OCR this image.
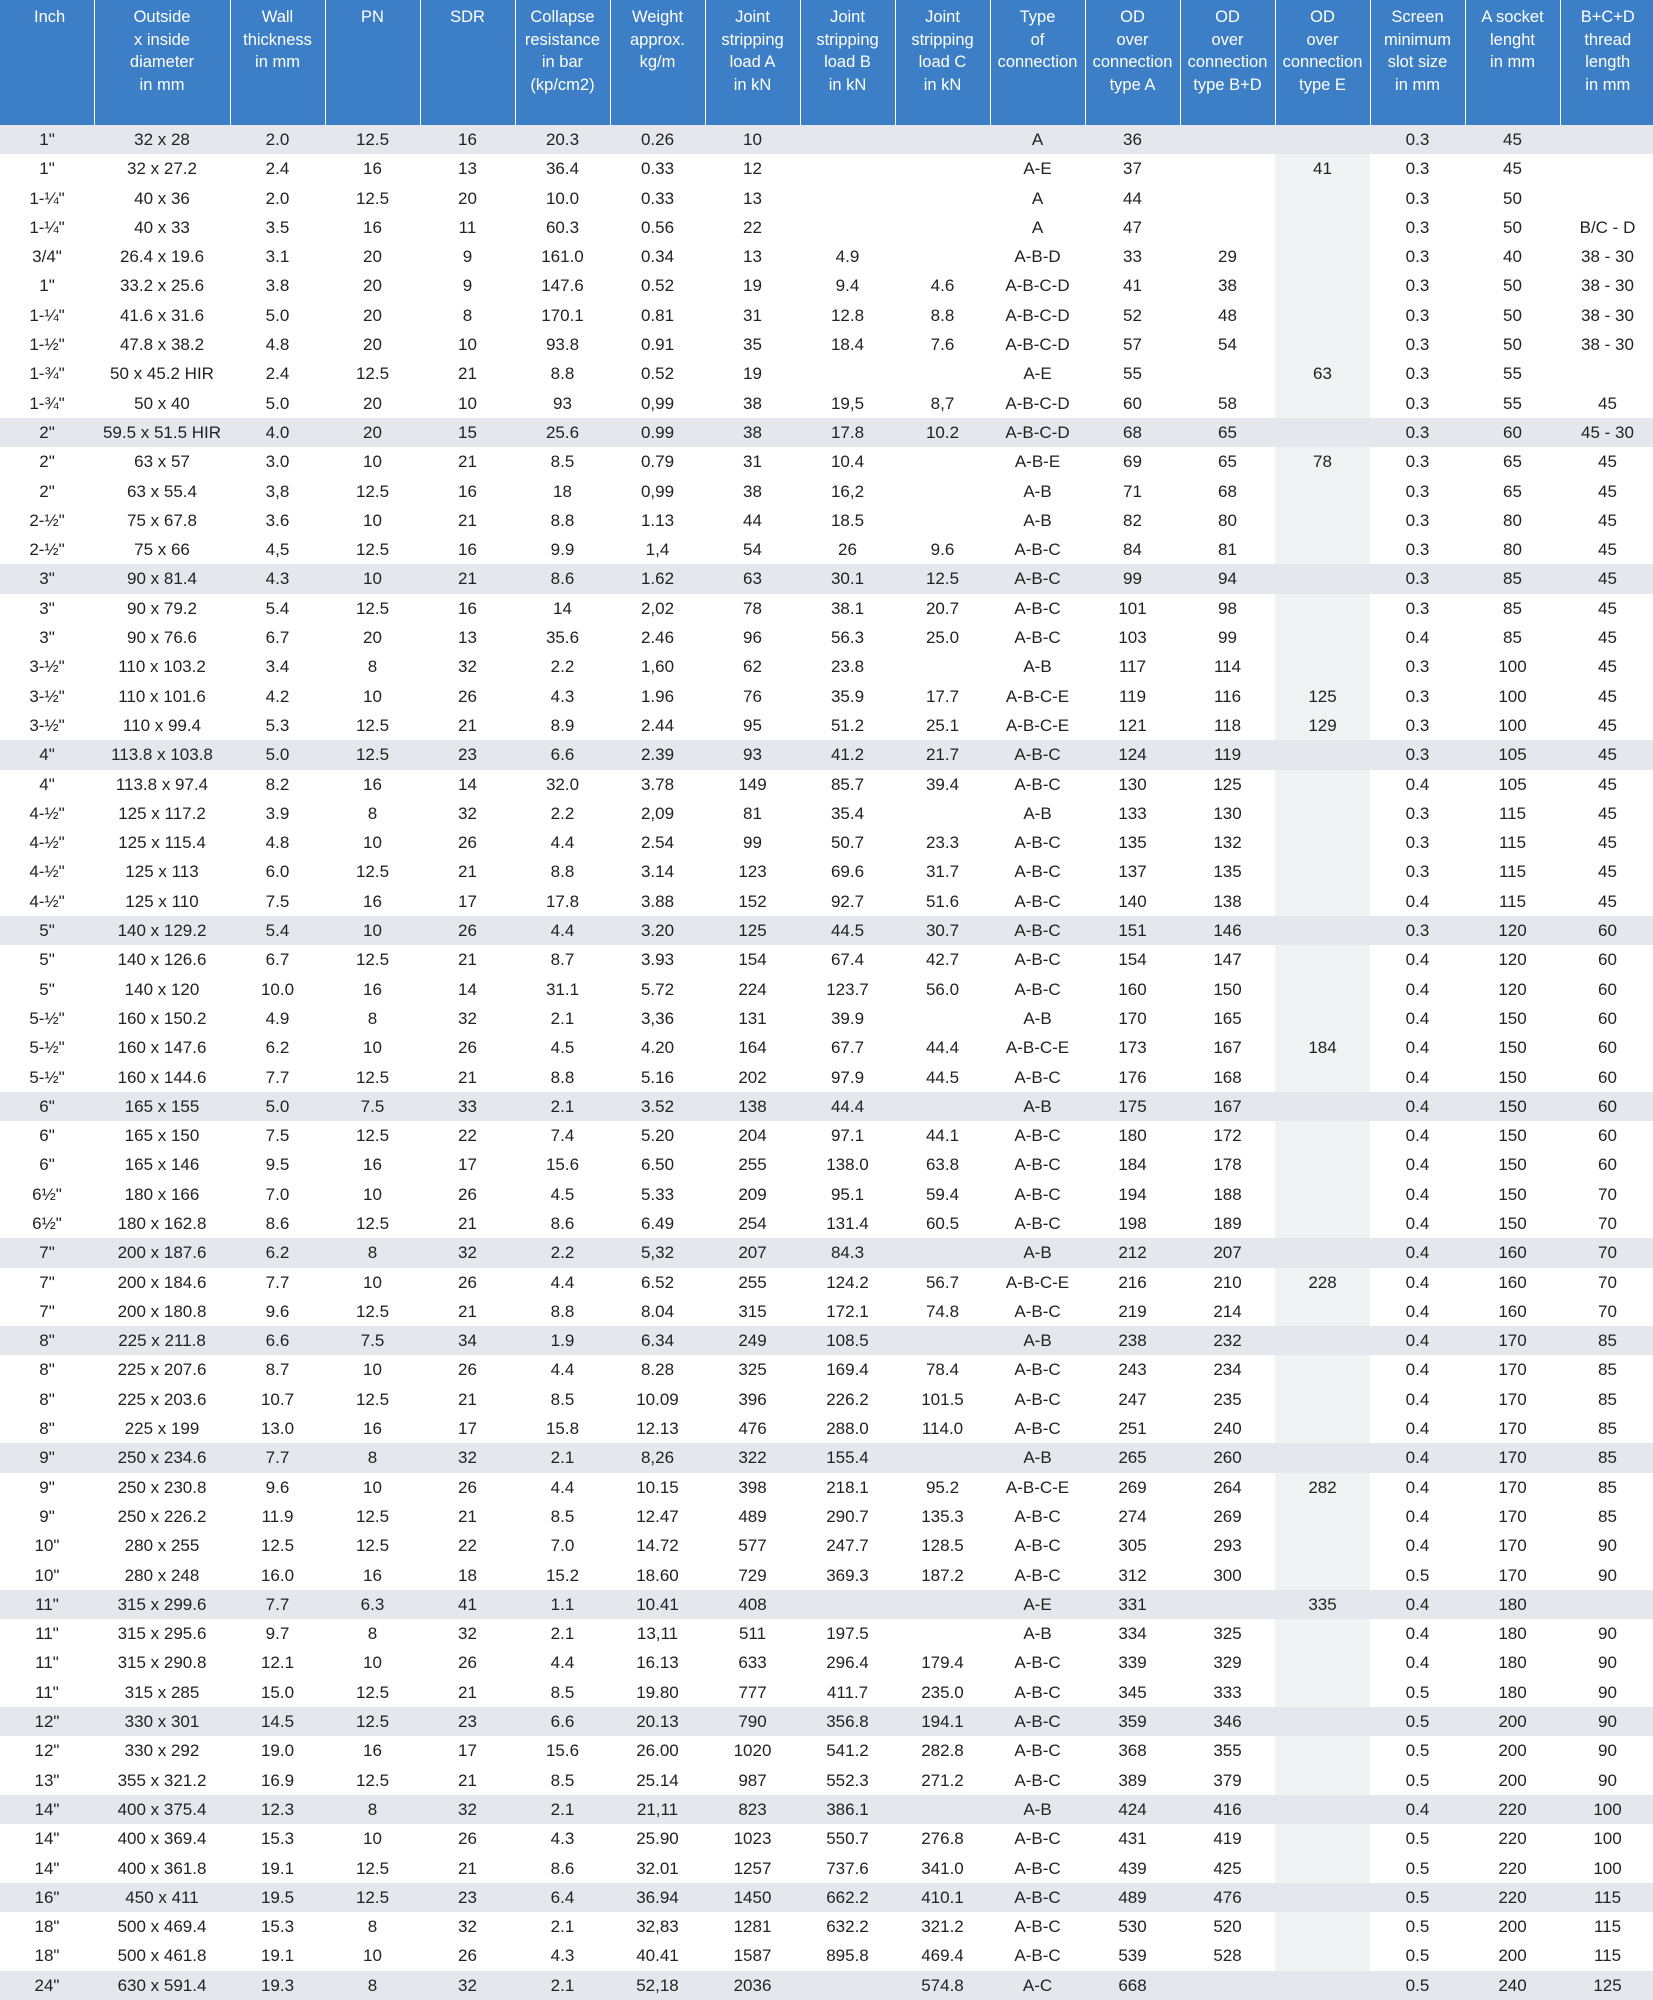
Inch	Outside
x inside
diameter
in mm	Wall
thickness
in mm	PN	SDR	Collapse
resistance
in bar
(kp/cm2)	Weight
approx.
kg/m	Joint
stripping
load A
in kN	Joint
stripping
load B
in kN	Joint
stripping
load C
in kN	Type
of
connection	OD
over
connection
type A	OD
over
connection
type B+D	OD
over
connection
type E	Screen
minimum
slot size
in mm	A socket
lenght
in mm	B+C+D
thread
length
in mm
1"	32 x 28	2.0	12.5	16	20.3	0.26	10			A	36			0.3	45	
1"	32 x 27.2	2.4	16	13	36.4	0.33	12			A-E	37		41	0.3	45	
1-¼"	40 x 36	2.0	12.5	20	10.0	0.33	13			A	44			0.3	50	
1-¼"	40 x 33	3.5	16	11	60.3	0.56	22			A	47			0.3	50	B/C - D
3/4"	26.4 x 19.6	3.1	20	9	161.0	0.34	13	4.9		A-B-D	33	29		0.3	40	38 - 30
1"	33.2 x 25.6	3.8	20	9	147.6	0.52	19	9.4	4.6	A-B-C-D	41	38		0.3	50	38 - 30
1-¼"	41.6 x 31.6	5.0	20	8	170.1	0.81	31	12.8	8.8	A-B-C-D	52	48		0.3	50	38 - 30
1-½"	47.8 x 38.2	4.8	20	10	93.8	0.91	35	18.4	7.6	A-B-C-D	57	54		0.3	50	38 - 30
1-¾"	50 x 45.2 HIR	2.4	12.5	21	8.8	0.52	19			A-E	55		63	0.3	55	
1-¾"	50 x 40	5.0	20	10	93	0,99	38	19,5	8,7	A-B-C-D	60	58		0.3	55	45
2"	59.5 x 51.5 HIR	4.0	20	15	25.6	0.99	38	17.8	10.2	A-B-C-D	68	65		0.3	60	45 - 30
2"	63 x 57	3.0	10	21	8.5	0.79	31	10.4		A-B-E	69	65	78	0.3	65	45
2"	63 x 55.4	3,8	12.5	16	18	0,99	38	16,2		A-B	71	68		0.3	65	45
2-½"	75 x 67.8	3.6	10	21	8.8	1.13	44	18.5		A-B	82	80		0.3	80	45
2-½"	75 x 66	4,5	12.5	16	9.9	1,4	54	26	9.6	A-B-C	84	81		0.3	80	45
3"	90 x 81.4	4.3	10	21	8.6	1.62	63	30.1	12.5	A-B-C	99	94		0.3	85	45
3"	90 x 79.2	5.4	12.5	16	14	2,02	78	38.1	20.7	A-B-C	101	98		0.3	85	45
3"	90 x 76.6	6.7	20	13	35.6	2.46	96	56.3	25.0	A-B-C	103	99		0.4	85	45
3-½"	110 x 103.2	3.4	8	32	2.2	1,60	62	23.8		A-B	117	114		0.3	100	45
3-½"	110 x 101.6	4.2	10	26	4.3	1.96	76	35.9	17.7	A-B-C-E	119	116	125	0.3	100	45
3-½"	110 x 99.4	5.3	12.5	21	8.9	2.44	95	51.2	25.1	A-B-C-E	121	118	129	0.3	100	45
4"	113.8 x 103.8	5.0	12.5	23	6.6	2.39	93	41.2	21.7	A-B-C	124	119		0.3	105	45
4"	113.8 x 97.4	8.2	16	14	32.0	3.78	149	85.7	39.4	A-B-C	130	125		0.4	105	45
4-½"	125 x 117.2	3.9	8	32	2.2	2,09	81	35.4		A-B	133	130		0.3	115	45
4-½"	125 x 115.4	4.8	10	26	4.4	2.54	99	50.7	23.3	A-B-C	135	132		0.3	115	45
4-½"	125 x 113	6.0	12.5	21	8.8	3.14	123	69.6	31.7	A-B-C	137	135		0.3	115	45
4-½"	125 x 110	7.5	16	17	17.8	3.88	152	92.7	51.6	A-B-C	140	138		0.4	115	45
5"	140 x 129.2	5.4	10	26	4.4	3.20	125	44.5	30.7	A-B-C	151	146		0.3	120	60
5"	140 x 126.6	6.7	12.5	21	8.7	3.93	154	67.4	42.7	A-B-C	154	147		0.4	120	60
5"	140 x 120	10.0	16	14	31.1	5.72	224	123.7	56.0	A-B-C	160	150		0.4	120	60
5-½"	160 x 150.2	4.9	8	32	2.1	3,36	131	39.9		A-B	170	165		0.4	150	60
5-½"	160 x 147.6	6.2	10	26	4.5	4.20	164	67.7	44.4	A-B-C-E	173	167	184	0.4	150	60
5-½"	160 x 144.6	7.7	12.5	21	8.8	5.16	202	97.9	44.5	A-B-C	176	168		0.4	150	60
6"	165 x 155	5.0	7.5	33	2.1	3.52	138	44.4		A-B	175	167		0.4	150	60
6"	165 x 150	7.5	12.5	22	7.4	5.20	204	97.1	44.1	A-B-C	180	172		0.4	150	60
6"	165 x 146	9.5	16	17	15.6	6.50	255	138.0	63.8	A-B-C	184	178		0.4	150	60
6½"	180 x 166	7.0	10	26	4.5	5.33	209	95.1	59.4	A-B-C	194	188		0.4	150	70
6½"	180 x 162.8	8.6	12.5	21	8.6	6.49	254	131.4	60.5	A-B-C	198	189		0.4	150	70
7"	200 x 187.6	6.2	8	32	2.2	5,32	207	84.3		A-B	212	207		0.4	160	70
7"	200 x 184.6	7.7	10	26	4.4	6.52	255	124.2	56.7	A-B-C-E	216	210	228	0.4	160	70
7"	200 x 180.8	9.6	12.5	21	8.8	8.04	315	172.1	74.8	A-B-C	219	214		0.4	160	70
8"	225 x 211.8	6.6	7.5	34	1.9	6.34	249	108.5		A-B	238	232		0.4	170	85
8"	225 x 207.6	8.7	10	26	4.4	8.28	325	169.4	78.4	A-B-C	243	234		0.4	170	85
8"	225 x 203.6	10.7	12.5	21	8.5	10.09	396	226.2	101.5	A-B-C	247	235		0.4	170	85
8"	225 x 199	13.0	16	17	15.8	12.13	476	288.0	114.0	A-B-C	251	240		0.4	170	85
9"	250 x 234.6	7.7	8	32	2.1	8,26	322	155.4		A-B	265	260		0.4	170	85
9"	250 x 230.8	9.6	10	26	4.4	10.15	398	218.1	95.2	A-B-C-E	269	264	282	0.4	170	85
9"	250 x 226.2	11.9	12.5	21	8.5	12.47	489	290.7	135.3	A-B-C	274	269		0.4	170	85
10"	280 x 255	12.5	12.5	22	7.0	14.72	577	247.7	128.5	A-B-C	305	293		0.4	170	90
10"	280 x 248	16.0	16	18	15.2	18.60	729	369.3	187.2	A-B-C	312	300		0.5	170	90
11"	315 x 299.6	7.7	6.3	41	1.1	10.41	408			A-E	331		335	0.4	180	
11"	315 x 295.6	9.7	8	32	2.1	13,11	511	197.5		A-B	334	325		0.4	180	90
11"	315 x 290.8	12.1	10	26	4.4	16.13	633	296.4	179.4	A-B-C	339	329		0.4	180	90
11"	315 x 285	15.0	12.5	21	8.5	19.80	777	411.7	235.0	A-B-C	345	333		0.5	180	90
12"	330 x 301	14.5	12.5	23	6.6	20.13	790	356.8	194.1	A-B-C	359	346		0.5	200	90
12"	330 x 292	19.0	16	17	15.6	26.00	1020	541.2	282.8	A-B-C	368	355		0.5	200	90
13"	355 x 321.2	16.9	12.5	21	8.5	25.14	987	552.3	271.2	A-B-C	389	379		0.5	200	90
14"	400 x 375.4	12.3	8	32	2.1	21,11	823	386.1		A-B	424	416		0.4	220	100
14"	400 x 369.4	15.3	10	26	4.3	25.90	1023	550.7	276.8	A-B-C	431	419		0.5	220	100
14"	400 x 361.8	19.1	12.5	21	8.6	32.01	1257	737.6	341.0	A-B-C	439	425		0.5	220	100
16"	450 x 411	19.5	12.5	23	6.4	36.94	1450	662.2	410.1	A-B-C	489	476		0.5	220	115
18"	500 x 469.4	15.3	8	32	2.1	32,83	1281	632.2	321.2	A-B-C	530	520		0.5	200	115
18"	500 x 461.8	19.1	10	26	4.3	40.41	1587	895.8	469.4	A-B-C	539	528		0.5	200	115
24"	630 x 591.4	19.3	8	32	2.1	52,18	2036		574.8	A-C	668			0.5	240	125
